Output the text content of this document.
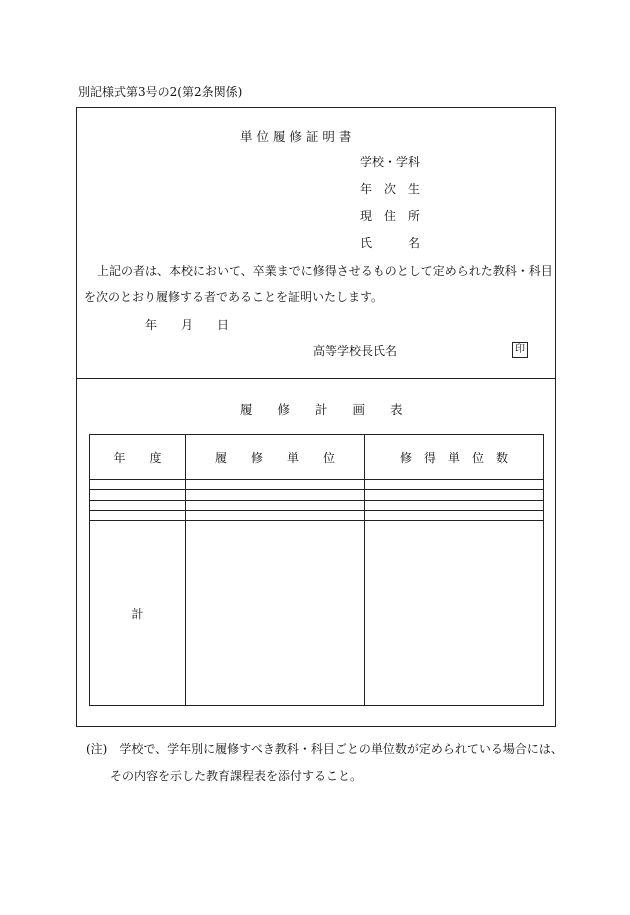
別記様式第3号の2(第2条関係)
単 位 履 修 証 明 書
学校・学科
年　次　生
現　住　所
氏　　　名
上記の者は、本校において、卒業までに修得させるものとして定められた教科・科目
を次のとおり履修する者であることを証明いたします。
年　　月　　日
高等学校長氏名	印
履　　修　　計　　画　　表
年　　度	履　　修　　単　　位	修　得　単　位　数

計		
(注)　学校で、学年別に履修すべき教科・科目ごとの単位数が定められている場合には、
その内容を示した教育課程表を添付すること。
